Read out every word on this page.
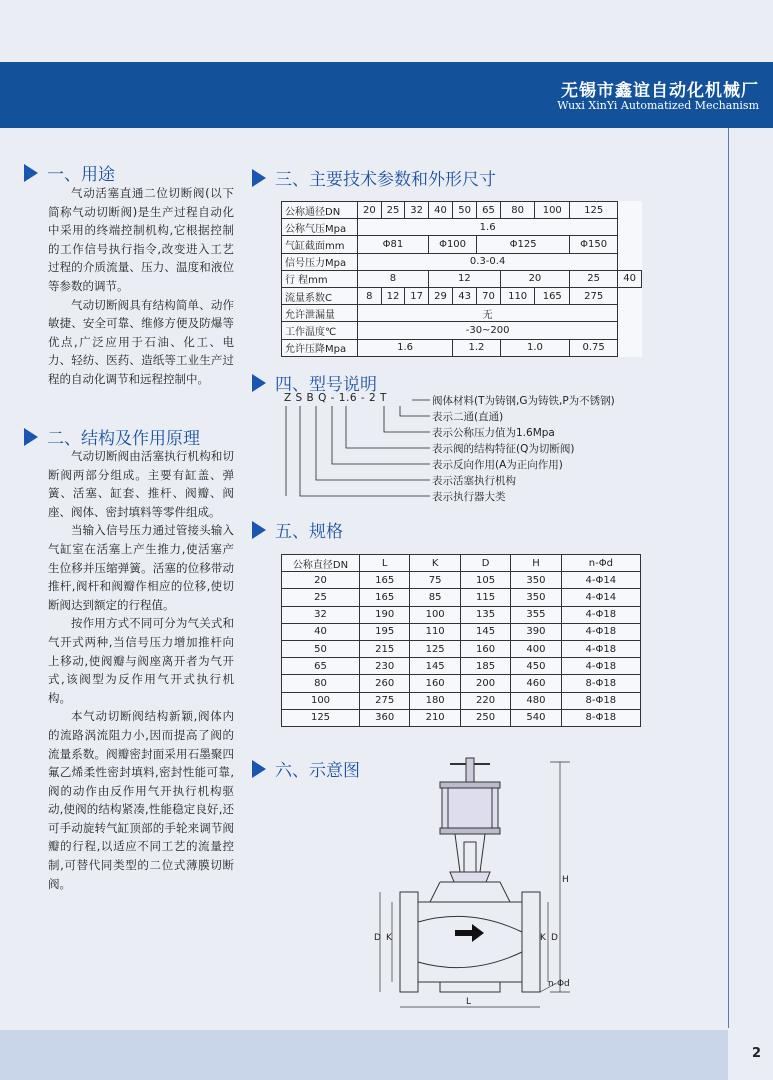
无锡市鑫谊自动化机械厂
Wuxi XinYi Automatized Mechanism
一、用途

气动活塞直通二位切断阀(以下简称气动切断阀)是生产过程自动化中采用的终端控制机构,它根据控制的工作信号执行指令,改变进入工艺过程的介质流量、压力、温度和液位等参数的调节。

气动切断阀具有结构简单、动作敏捷、安全可靠、维修方便及防爆等优点,广泛应用于石油、化工、电力、轻纺、医药、造纸等工业生产过程的自动化调节和远程控制中。

二、结构及作用原理

气动切断阀由活塞执行机构和切断阀两部分组成。主要有缸盖、弹簧、活塞、缸套、推杆、阀瓣、阀座、阀体、密封填料等零件组成。

当输入信号压力通过管接头输入气缸室在活塞上产生推力,使活塞产生位移并压缩弹簧。活塞的位移带动推杆,阀杆和阀瓣作相应的位移,使切断阀达到额定的行程值。

按作用方式不同可分为气关式和气开式两种,当信号压力增加推杆向上移动,使阀瓣与阀座离开者为气开式,该阀型为反作用气开式执行机构。

本气动切断阀结构新颖,阀体内的流路涡流阻力小,因而提高了阀的流量系数。阀瓣密封面采用石墨聚四氟乙烯柔性密封填料,密封性能可靠,阀的动作由反作用气开执行机构驱动,使阀的结构紧凑,性能稳定良好,还可手动旋转气缸顶部的手轮来调节阀瓣的行程,以适应不同工艺的流量控制,可替代同类型的二位式薄膜切断阀。

三、主要技术参数和外形尺寸
公称通径DN	20	25	32	40	50	65	80	100	125	
公称气压Mpa	1.6									
气缸截面mm	Φ81			Φ100		Φ125			Φ150	
信号压力Mpa	0.3-0.4									
行 程mm	8			12			20		25	40
流量系数C	8	12	17	29	43	70	110	165	275	
允许泄漏量	无									
工作温度℃	-30~200									
允许压降Mpa	1.6				1.2		1.0		0.75	
四、型号说明
Z S B Q - 1.6 - 2 T	阀体材料(T为铸钢,G为铸铁,P为不锈钢)
表示二通(直通)
表示公称压力值为1.6Mpa
表示阀的结构特征(Q为切断阀)
表示反向作用(A为正向作用)
表示活塞执行机构
表示执行器大类
五、规格
公称直径DN	L	K	D	H	n-Φd
20	165	75	105	350	4-Φ14
25	165	85	115	350	4-Φ14
32	190	100	135	355	4-Φ18
40	195	110	145	390	4-Φ18
50	215	125	160	400	4-Φ18
65	230	145	185	450	4-Φ18
80	260	160	200	460	8-Φ18
100	275	180	220	480	8-Φ18
125	360	210	250	540	8-Φ18
六、示意图
H
D K	K D
L
n-Φd
2
